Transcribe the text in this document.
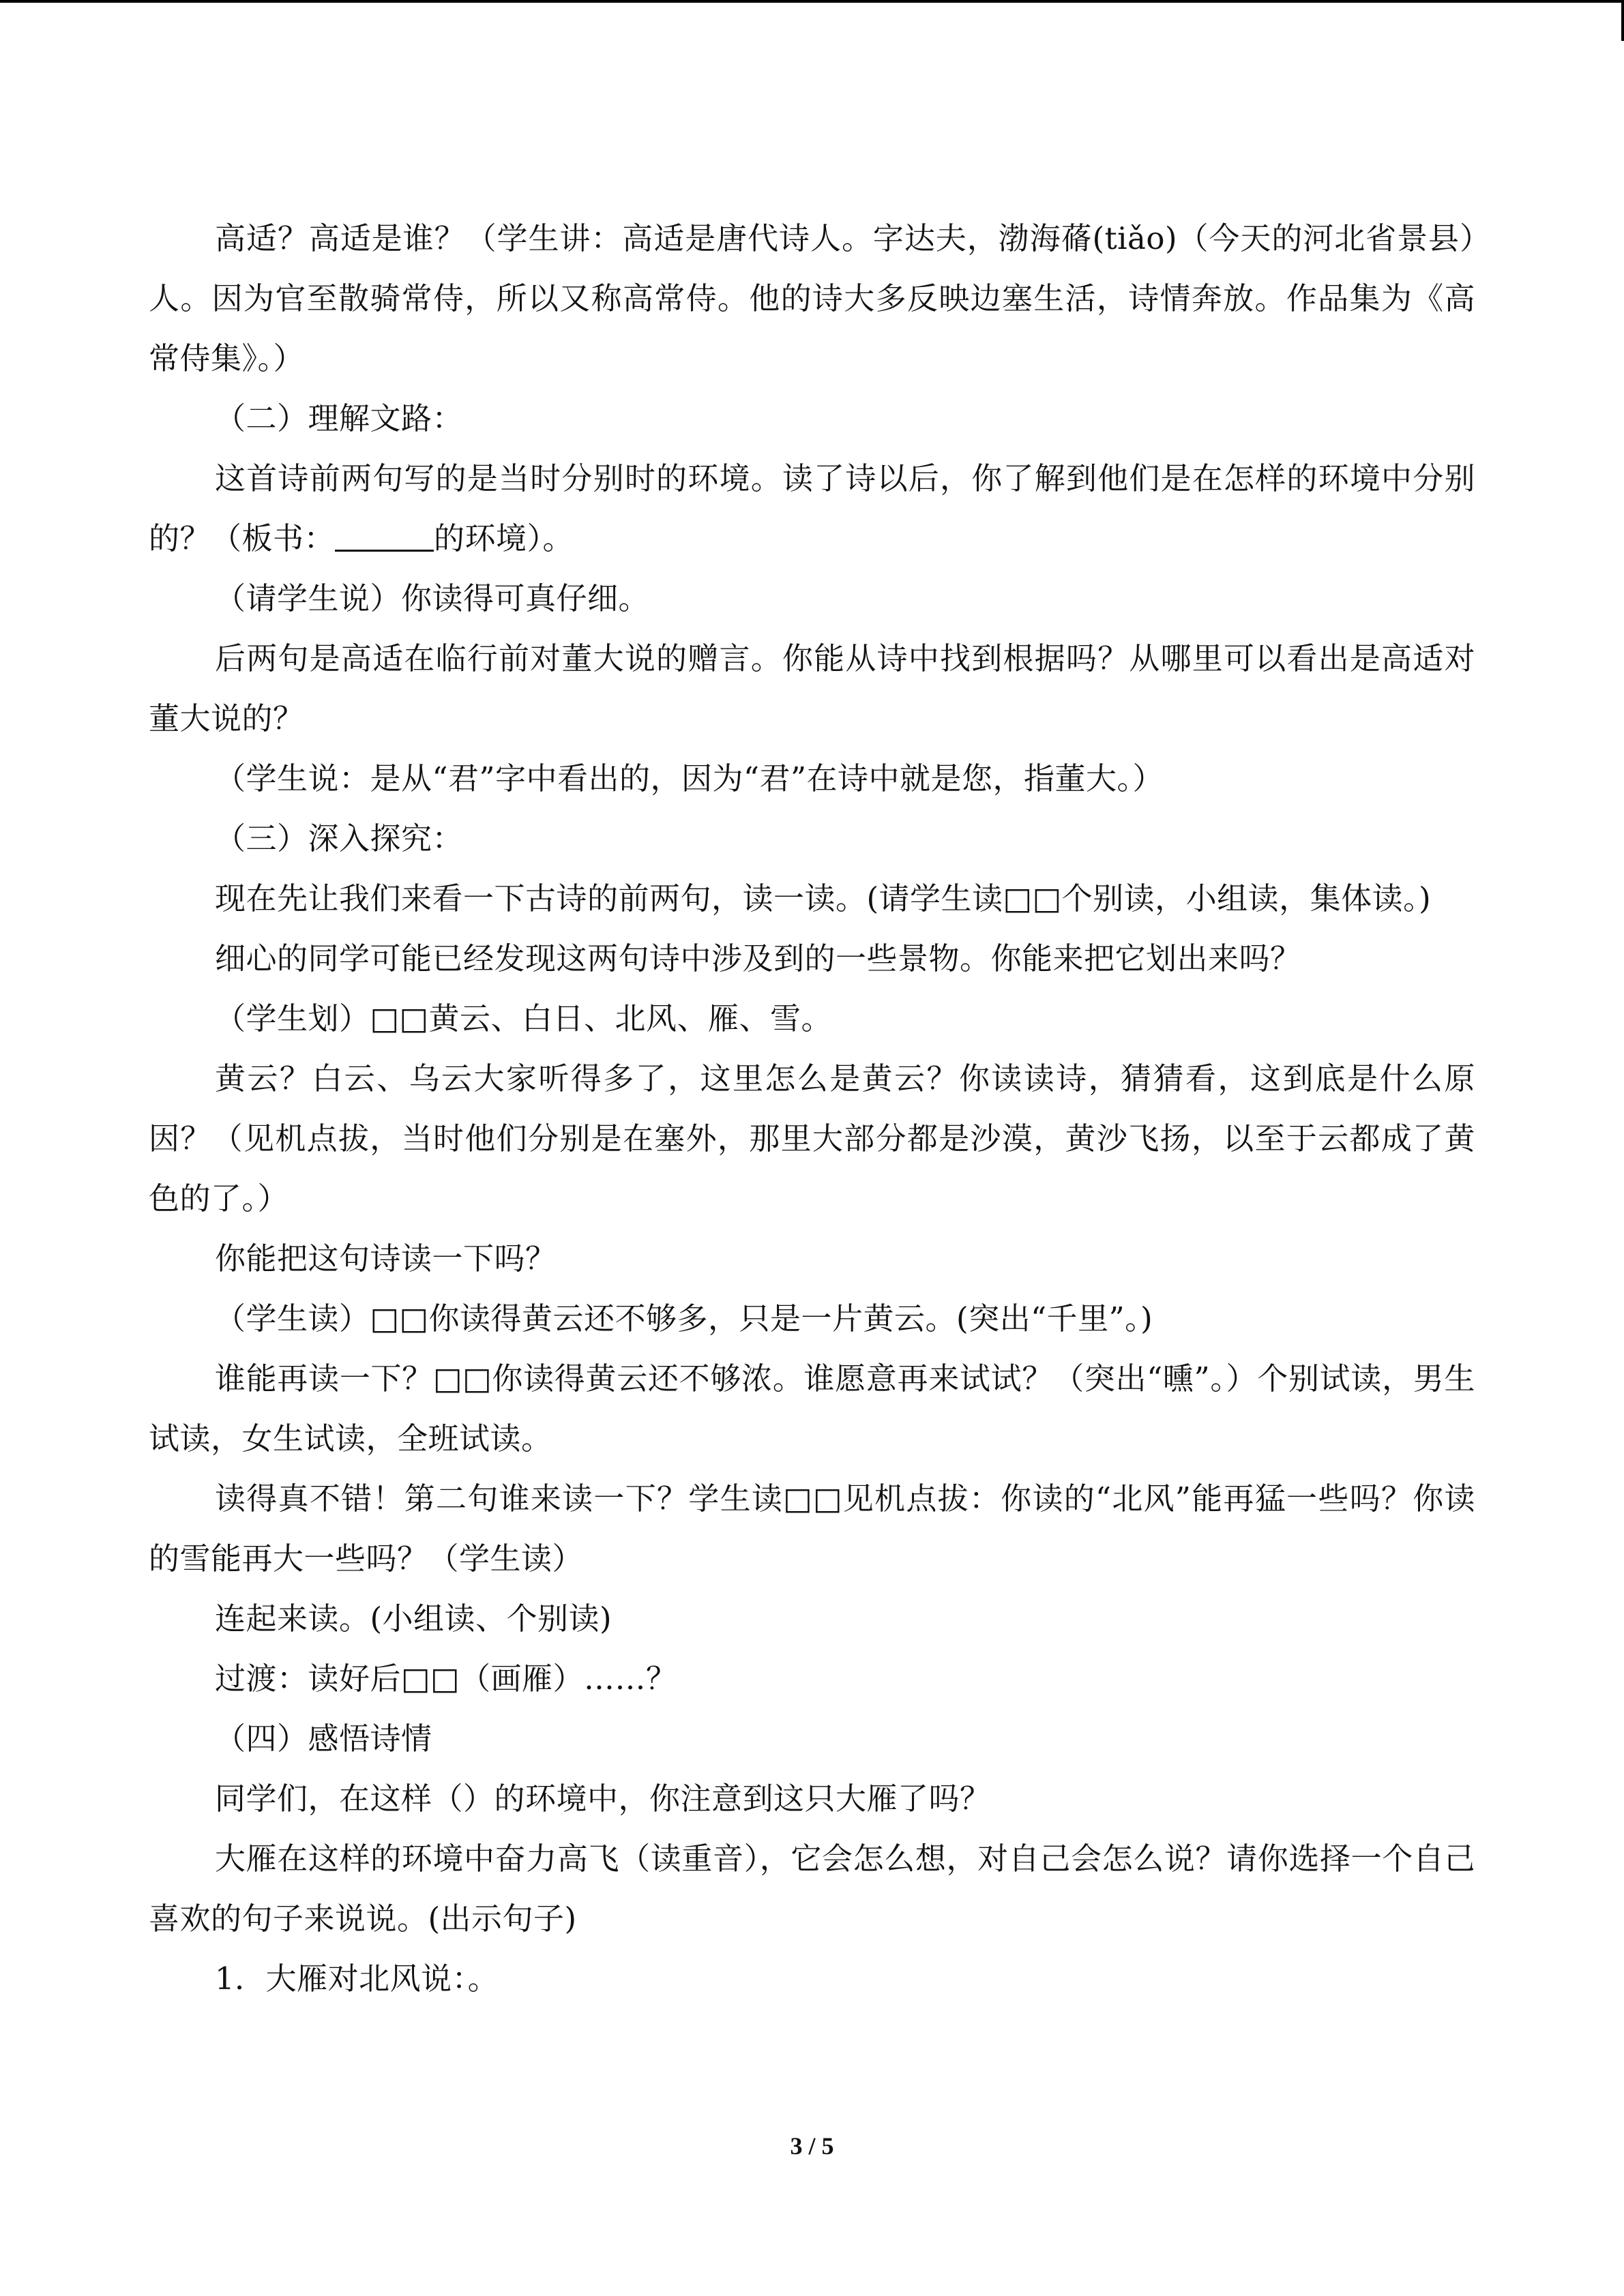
高适？高适是谁？（学生讲：高适是唐代诗人。字达夫，渤海蓨(tiǎo)（今天的河北省景县）人。因为官至散骑常侍，所以又称高常侍。他的诗大多反映边塞生活，诗情奔放。作品集为《高常侍集》。）

（二）理解文路：

这首诗前两句写的是当时分别时的环境。读了诗以后，你了解到他们是在怎样的环境中分别的？（板书：	的环境）。

（请学生说）你读得可真仔细。

后两句是高适在临行前对董大说的赠言。你能从诗中找到根据吗？从哪里可以看出是高适对董大说的？

（学生说：是从“君”字中看出的，因为“君”在诗中就是您，指董大。）

（三）深入探究：

现在先让我们来看一下古诗的前两句，读一读。(请学生读□□个别读，小组读，集体读。)

细心的同学可能已经发现这两句诗中涉及到的一些景物。你能来把它划出来吗？

（学生划）□□黄云、白日、北风、雁、雪。

黄云？白云、乌云大家听得多了，这里怎么是黄云？你读读诗，猜猜看，这到底是什么原因？（见机点拔，当时他们分别是在塞外，那里大部分都是沙漠，黄沙飞扬，以至于云都成了黄色的了。）

你能把这句诗读一下吗？

（学生读）□□你读得黄云还不够多，只是一片黄云。(突出“千里”。)

谁能再读一下？□□你读得黄云还不够浓。谁愿意再来试试？（突出“曛”。）个别试读，男生试读，女生试读，全班试读。

读得真不错！第二句谁来读一下？学生读□□见机点拔：你读的“北风”能再猛一些吗？你读的雪能再大一些吗？（学生读）

连起来读。(小组读、个别读)

过渡：读好后□□（画雁）……？

（四）感悟诗情

同学们，在这样（）的环境中，你注意到这只大雁了吗？

大雁在这样的环境中奋力高飞（读重音），它会怎么想，对自己会怎么说？请你选择一个自己喜欢的句子来说说。(出示句子)

1．大雁对北风说：。

3 / 5
